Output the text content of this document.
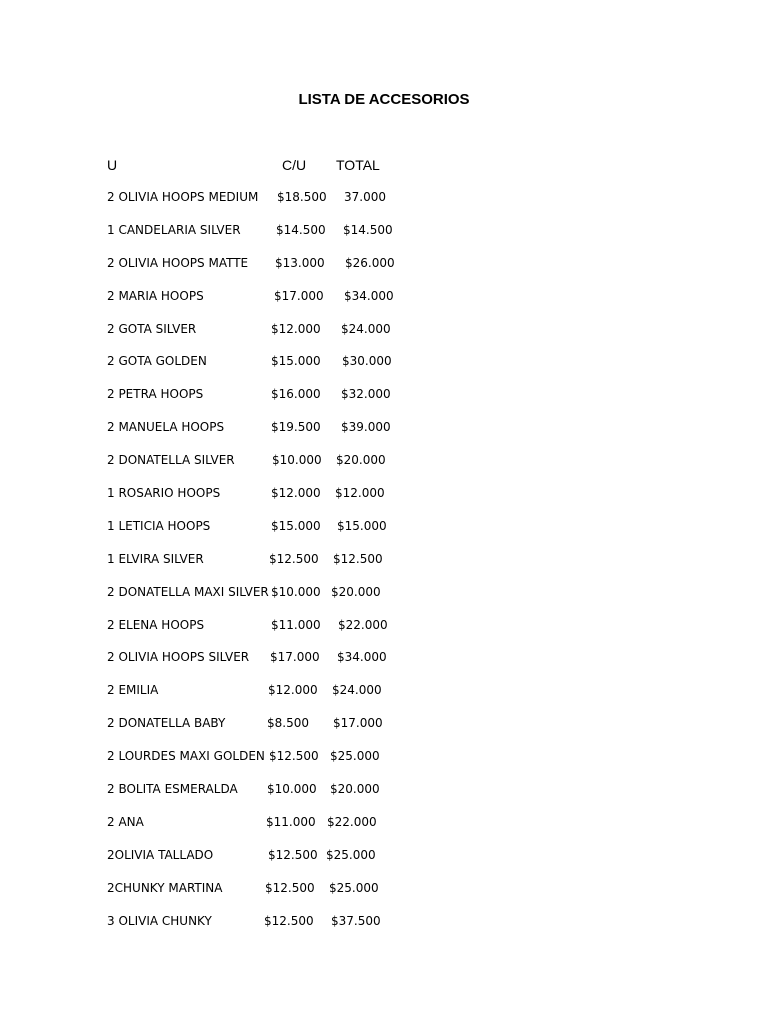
LISTA DE ACCESORIOS
U	C/U TOTAL
2 OLIVIA HOOPS MEDIUM $18.500 37.000
1 CANDELARIA SILVER	$14.500 $14.500
2 OLIVIA HOOPS MATTE $13.000 $26.000
2 MARIA HOOPS	$17.000 $34.000
2 GOTA SILVER	$12.000 $24.000
2 GOTA GOLDEN	$15.000 $30.000
2 PETRA HOOPS	$16.000 $32.000
2 MANUELA HOOPS	$19.500 $39.000
2 DONATELLA SILVER	$10.000 $20.000
1 ROSARIO HOOPS	$12.000 $12.000
1 LETICIA HOOPS	$15.000 $15.000
1 ELVIRA SILVER	$12.500 $12.500
2 DONATELLA MAXI SILVER $10.000 $20.000
2 ELENA HOOPS	$11.000 $22.000
2 OLIVIA HOOPS SILVER $17.000 $34.000
2 EMILIA	$12.000 $24.000
2 DONATELLA BABY	$8.500 $17.000
2 LOURDES MAXI GOLDEN $12.500 $25.000
2 BOLITA ESMERALDA $10.000 $20.000
2 ANA	$11.000 $22.000
2OLIVIA TALLADO	$12.500 $25.000
2CHUNKY MARTINA	$12.500 $25.000
3 OLIVIA CHUNKY	$12.500 $37.500
